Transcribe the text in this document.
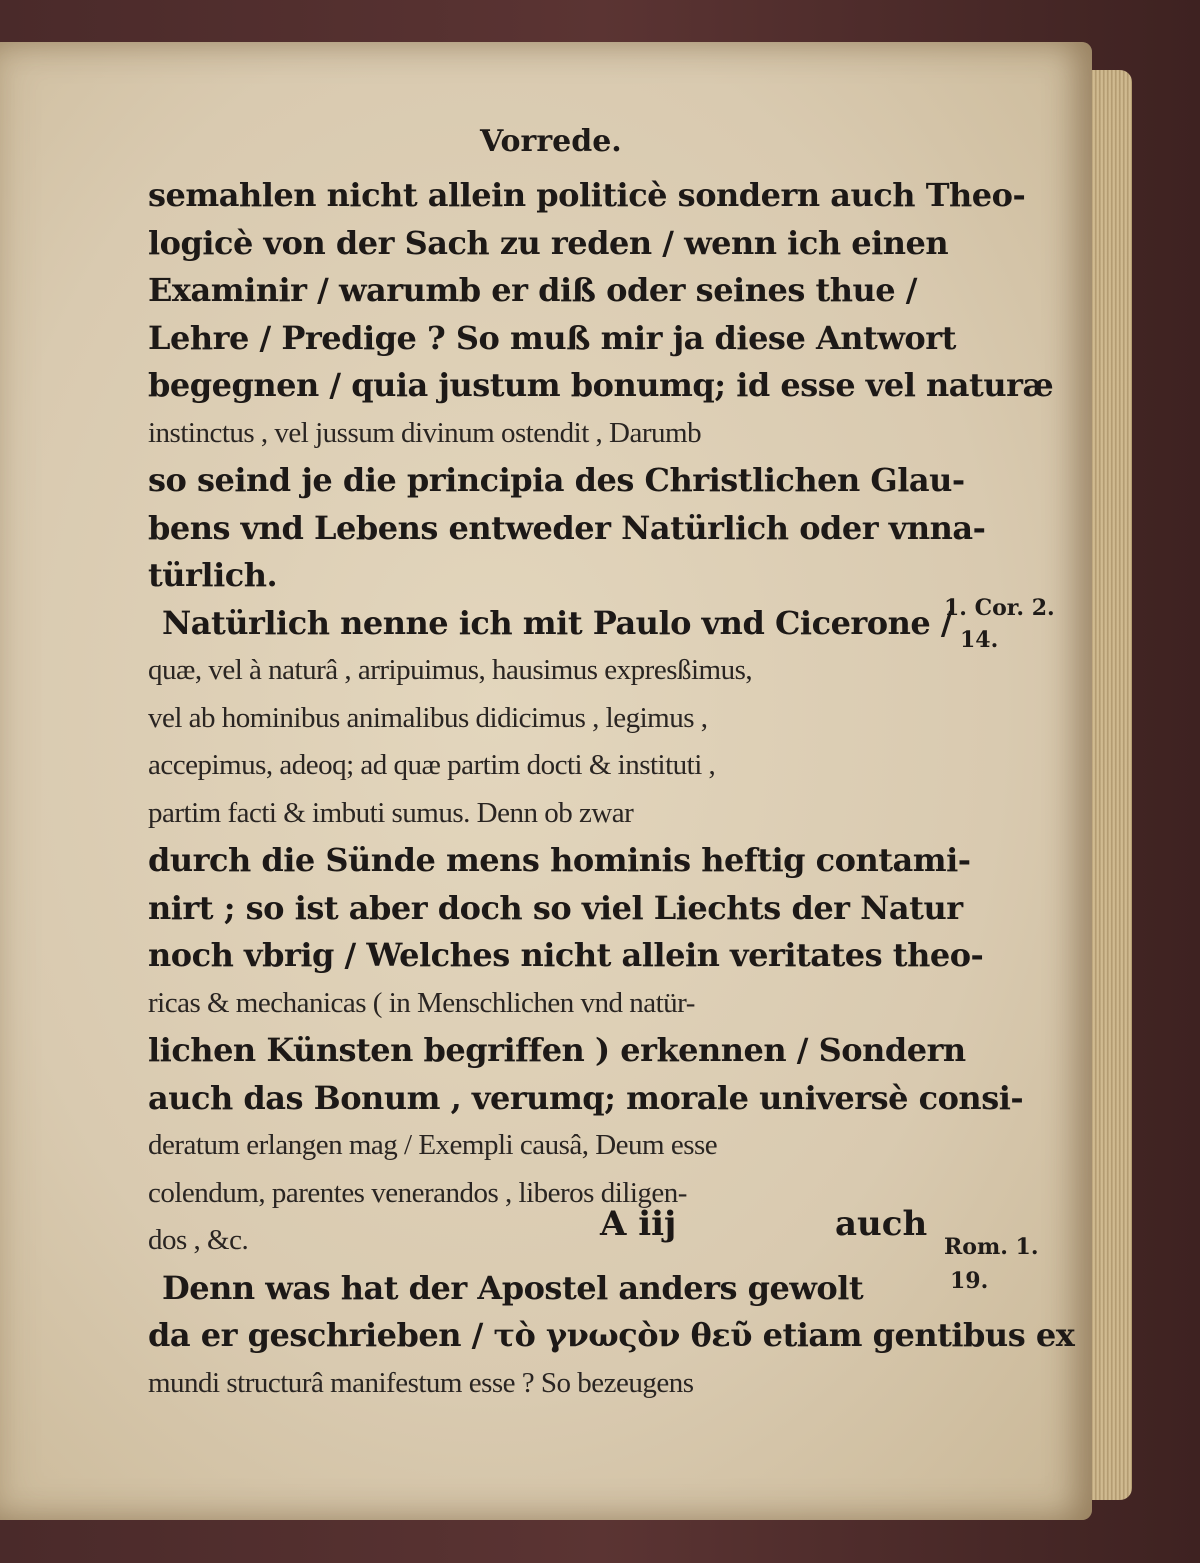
Vorrede.
semahlen nicht allein politicè sondern auch Theo-
logicè von der Sach zu reden / wenn ich einen
Examinir / warumb er diß oder seines thue /
Lehre / Predige ? So muß mir ja diese Antwort
begegnen / quia justum bonumq; id esse vel naturæ
instinctus , vel jussum divinum ostendit , Darumb
so seind je die principia des Christlichen Glau-
bens vnd Lebens entweder Natürlich oder vnna-
türlich.
Natürlich nenne ich mit Paulo vnd Cicerone /
quæ, vel à naturâ , arripuimus, hausimus expresßimus,
vel ab hominibus animalibus didicimus , legimus ,
accepimus, adeoq; ad quæ partim docti & instituti ,
partim facti & imbuti sumus. Denn ob zwar
durch die Sünde mens hominis heftig contami-
nirt ; so ist aber doch so viel Liechts der Natur
noch vbrig / Welches nicht allein veritates theo-
ricas & mechanicas ( in Menschlichen vnd natür-
lichen Künsten begriffen ) erkennen / Sondern
auch das Bonum , verumq; morale universè consi-
deratum erlangen mag / Exempli causâ, Deum esse
colendum, parentes venerandos , liberos diligen-
dos , &c.
Denn was hat der Apostel anders gewolt
da er geschrieben / τὸ γνωςὸν θεῦ etiam gentibus ex
mundi structurâ manifestum esse ? So bezeugens
A iij	auch
1. Cor. 2.
14.
Rom. 1.
19.
